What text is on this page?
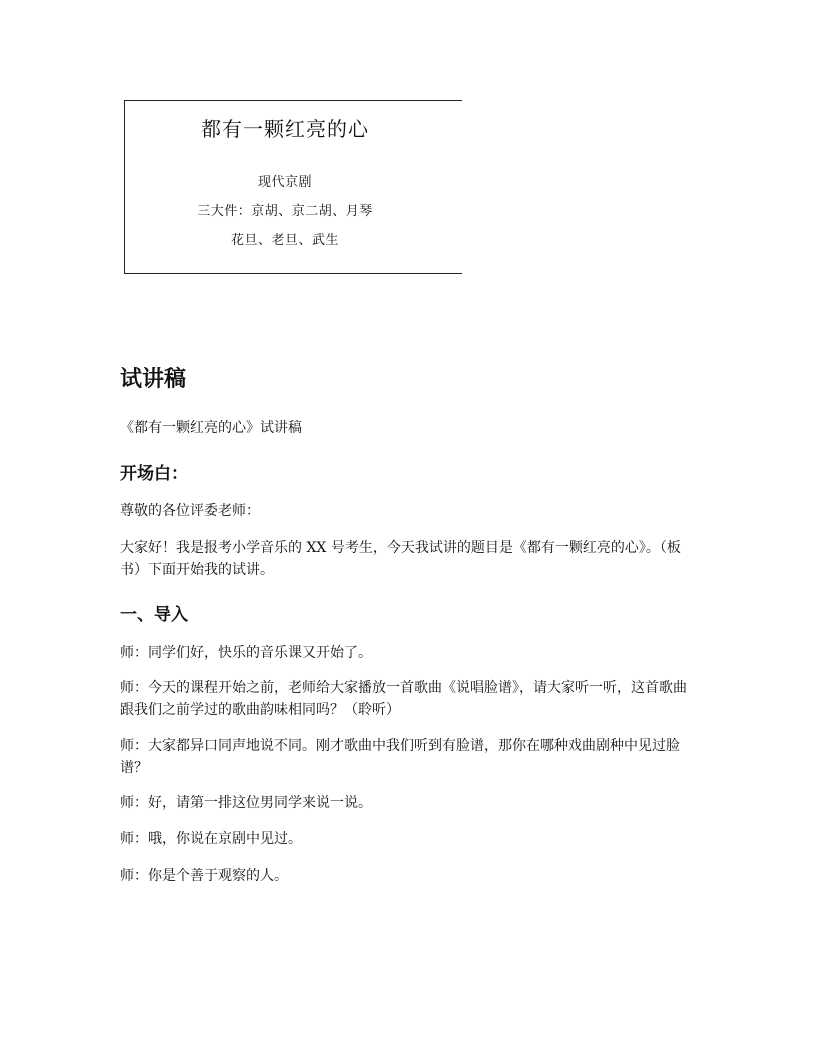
都有一颗红亮的心
现代京剧
三大件：京胡、京二胡、月琴
花旦、老旦、武生
试讲稿
《都有一颗红亮的心》试讲稿
开场白：
尊敬的各位评委老师：
大家好！我是报考小学音乐的 XX 号考生，今天我试讲的题目是《都有一颗红亮的心》。（板书）下面开始我的试讲。
一、导入
师：同学们好，快乐的音乐课又开始了。
师：今天的课程开始之前，老师给大家播放一首歌曲《说唱脸谱》，请大家听一听，这首歌曲跟我们之前学过的歌曲韵味相同吗？（聆听）
师：大家都异口同声地说不同。刚才歌曲中我们听到有脸谱，那你在哪种戏曲剧种中见过脸谱？
师：好，请第一排这位男同学来说一说。
师：哦，你说在京剧中见过。
师：你是个善于观察的人。
